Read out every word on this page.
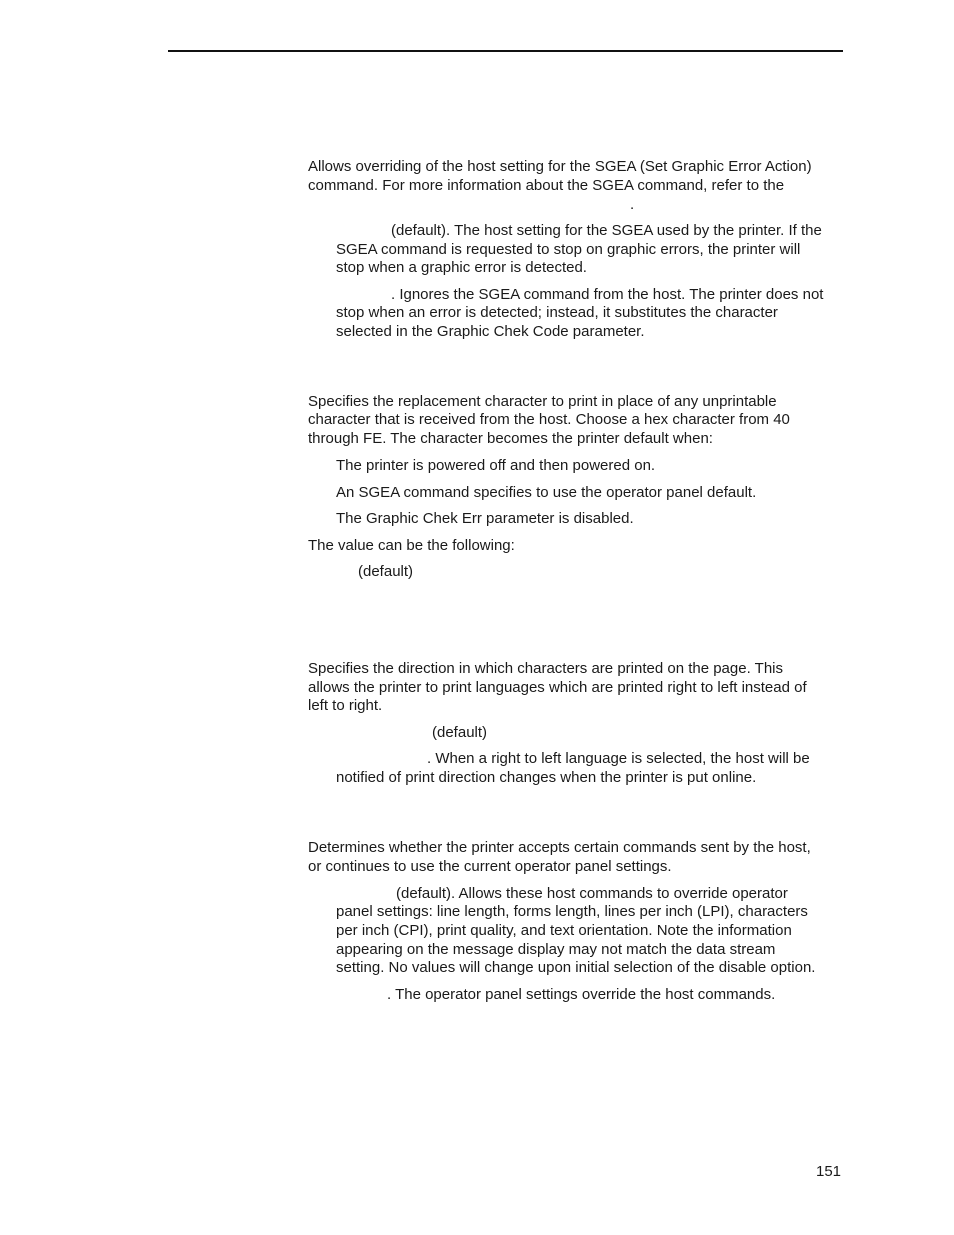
Allows overriding of the host setting for the SGEA (Set Graphic Error Action)

command. For more information about the SGEA command, refer to the

.

(default). The host setting for the SGEA used by the printer. If the

SGEA command is requested to stop on graphic errors, the printer will

stop when a graphic error is detected.

. Ignores the SGEA command from the host. The printer does not

stop when an error is detected; instead, it substitutes the character

selected in the Graphic Chek Code parameter.

Specifies the replacement character to print in place of any unprintable

character that is received from the host. Choose a hex character from 40

through FE. The character becomes the printer default when:

The printer is powered off and then powered on.

An SGEA command specifies to use the operator panel default.

The Graphic Chek Err parameter is disabled.

The value can be the following:

(default)

Specifies the direction in which characters are printed on the page. This

allows the printer to print languages which are printed right to left instead of

left to right.

(default)

. When a right to left language is selected, the host will be

notified of print direction changes when the printer is put online.

Determines whether the printer accepts certain commands sent by the host,

or continues to use the current operator panel settings.

(default). Allows these host commands to override operator

panel settings: line length, forms length, lines per inch (LPI), characters

per inch (CPI), print quality, and text orientation. Note the information

appearing on the message display may not match the data stream

setting. No values will change upon initial selection of the disable option.

. The operator panel settings override the host commands.

151
